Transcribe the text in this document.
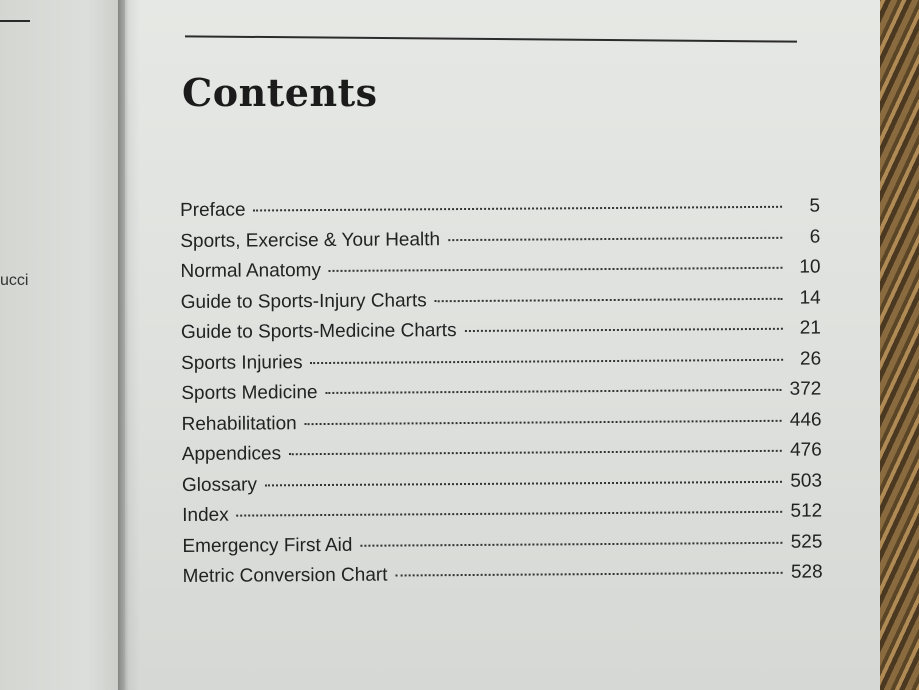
ucci
Contents
Preface	5
Sports, Exercise & Your Health	6
Normal Anatomy	10
Guide to Sports-Injury Charts	14
Guide to Sports-Medicine Charts	21
Sports Injuries	26
Sports Medicine	372
Rehabilitation	446
Appendices	476
Glossary	503
Index	512
Emergency First Aid	525
Metric Conversion Chart	528
